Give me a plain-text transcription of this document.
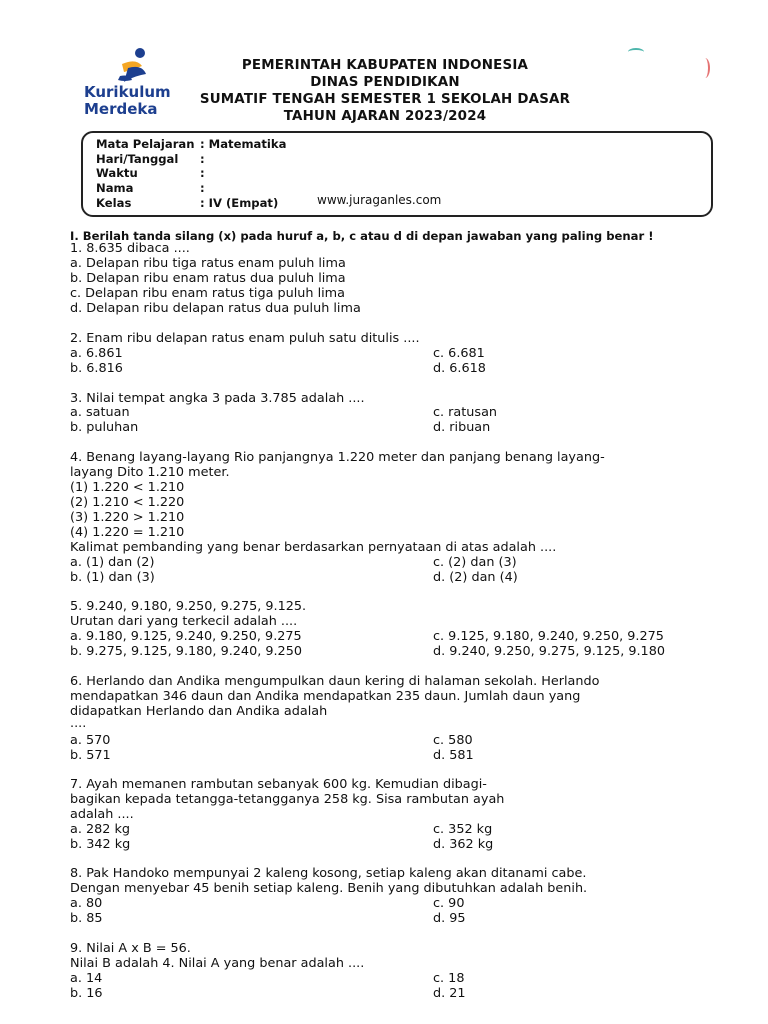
Kurikulum
Merdeka
PEMERINTAH KABUPATEN INDONESIA
DINAS PENDIDIKAN
SUMATIF TENGAH SEMESTER 1 SEKOLAH DASAR
TAHUN AJARAN 2023/2024
Mata Pelajaran : Matematika
Hari/Tanggal :
Waktu	:
Nama	:
Kelas	: IV (Empat)	www.juraganles.com
I. Berilah tanda silang (x) pada huruf a, b, c atau d di depan jawaban yang paling benar !
1. 8.635 dibaca ....
a. Delapan ribu tiga ratus enam puluh lima
b. Delapan ribu enam ratus dua puluh lima
c. Delapan ribu enam ratus tiga puluh lima
d. Delapan ribu delapan ratus dua puluh lima
2. Enam ribu delapan ratus enam puluh satu ditulis ....
a. 6.861	c. 6.681
b. 6.816	d. 6.618
3. Nilai tempat angka 3 pada 3.785 adalah ....
a. satuan	c. ratusan
b. puluhan	d. ribuan
4. Benang layang-layang Rio panjangnya 1.220 meter dan panjang benang layang-
layang Dito 1.210 meter.
(1) 1.220 < 1.210
(2) 1.210 < 1.220
(3) 1.220 > 1.210
(4) 1.220 = 1.210
Kalimat pembanding yang benar berdasarkan pernyataan di atas adalah ....
a. (1) dan (2)	c. (2) dan (3)
b. (1) dan (3)	d. (2) dan (4)
5. 9.240, 9.180, 9.250, 9.275, 9.125.
Urutan dari yang terkecil adalah ....
a. 9.180, 9.125, 9.240, 9.250, 9.275	c. 9.125, 9.180, 9.240, 9.250, 9.275
b. 9.275, 9.125, 9.180, 9.240, 9.250	d. 9.240, 9.250, 9.275, 9.125, 9.180
6. Herlando dan Andika mengumpulkan daun kering di halaman sekolah. Herlando
mendapatkan 346 daun dan Andika mendapatkan 235 daun. Jumlah daun yang
didapatkan Herlando dan Andika adalah
....
a. 570	c. 580
b. 571	d. 581
7. Ayah memanen rambutan sebanyak 600 kg. Kemudian dibagi-
bagikan kepada tetangga-tetangganya 258 kg. Sisa rambutan ayah
adalah ....
a. 282 kg	c. 352 kg
b. 342 kg	d. 362 kg
8. Pak Handoko mempunyai 2 kaleng kosong, setiap kaleng akan ditanami cabe.
Dengan menyebar 45 benih setiap kaleng. Benih yang dibutuhkan adalah benih.
a. 80	c. 90
b. 85	d. 95
9. Nilai A x B = 56.
Nilai B adalah 4. Nilai A yang benar adalah ....
a. 14	c. 18
b. 16	d. 21
